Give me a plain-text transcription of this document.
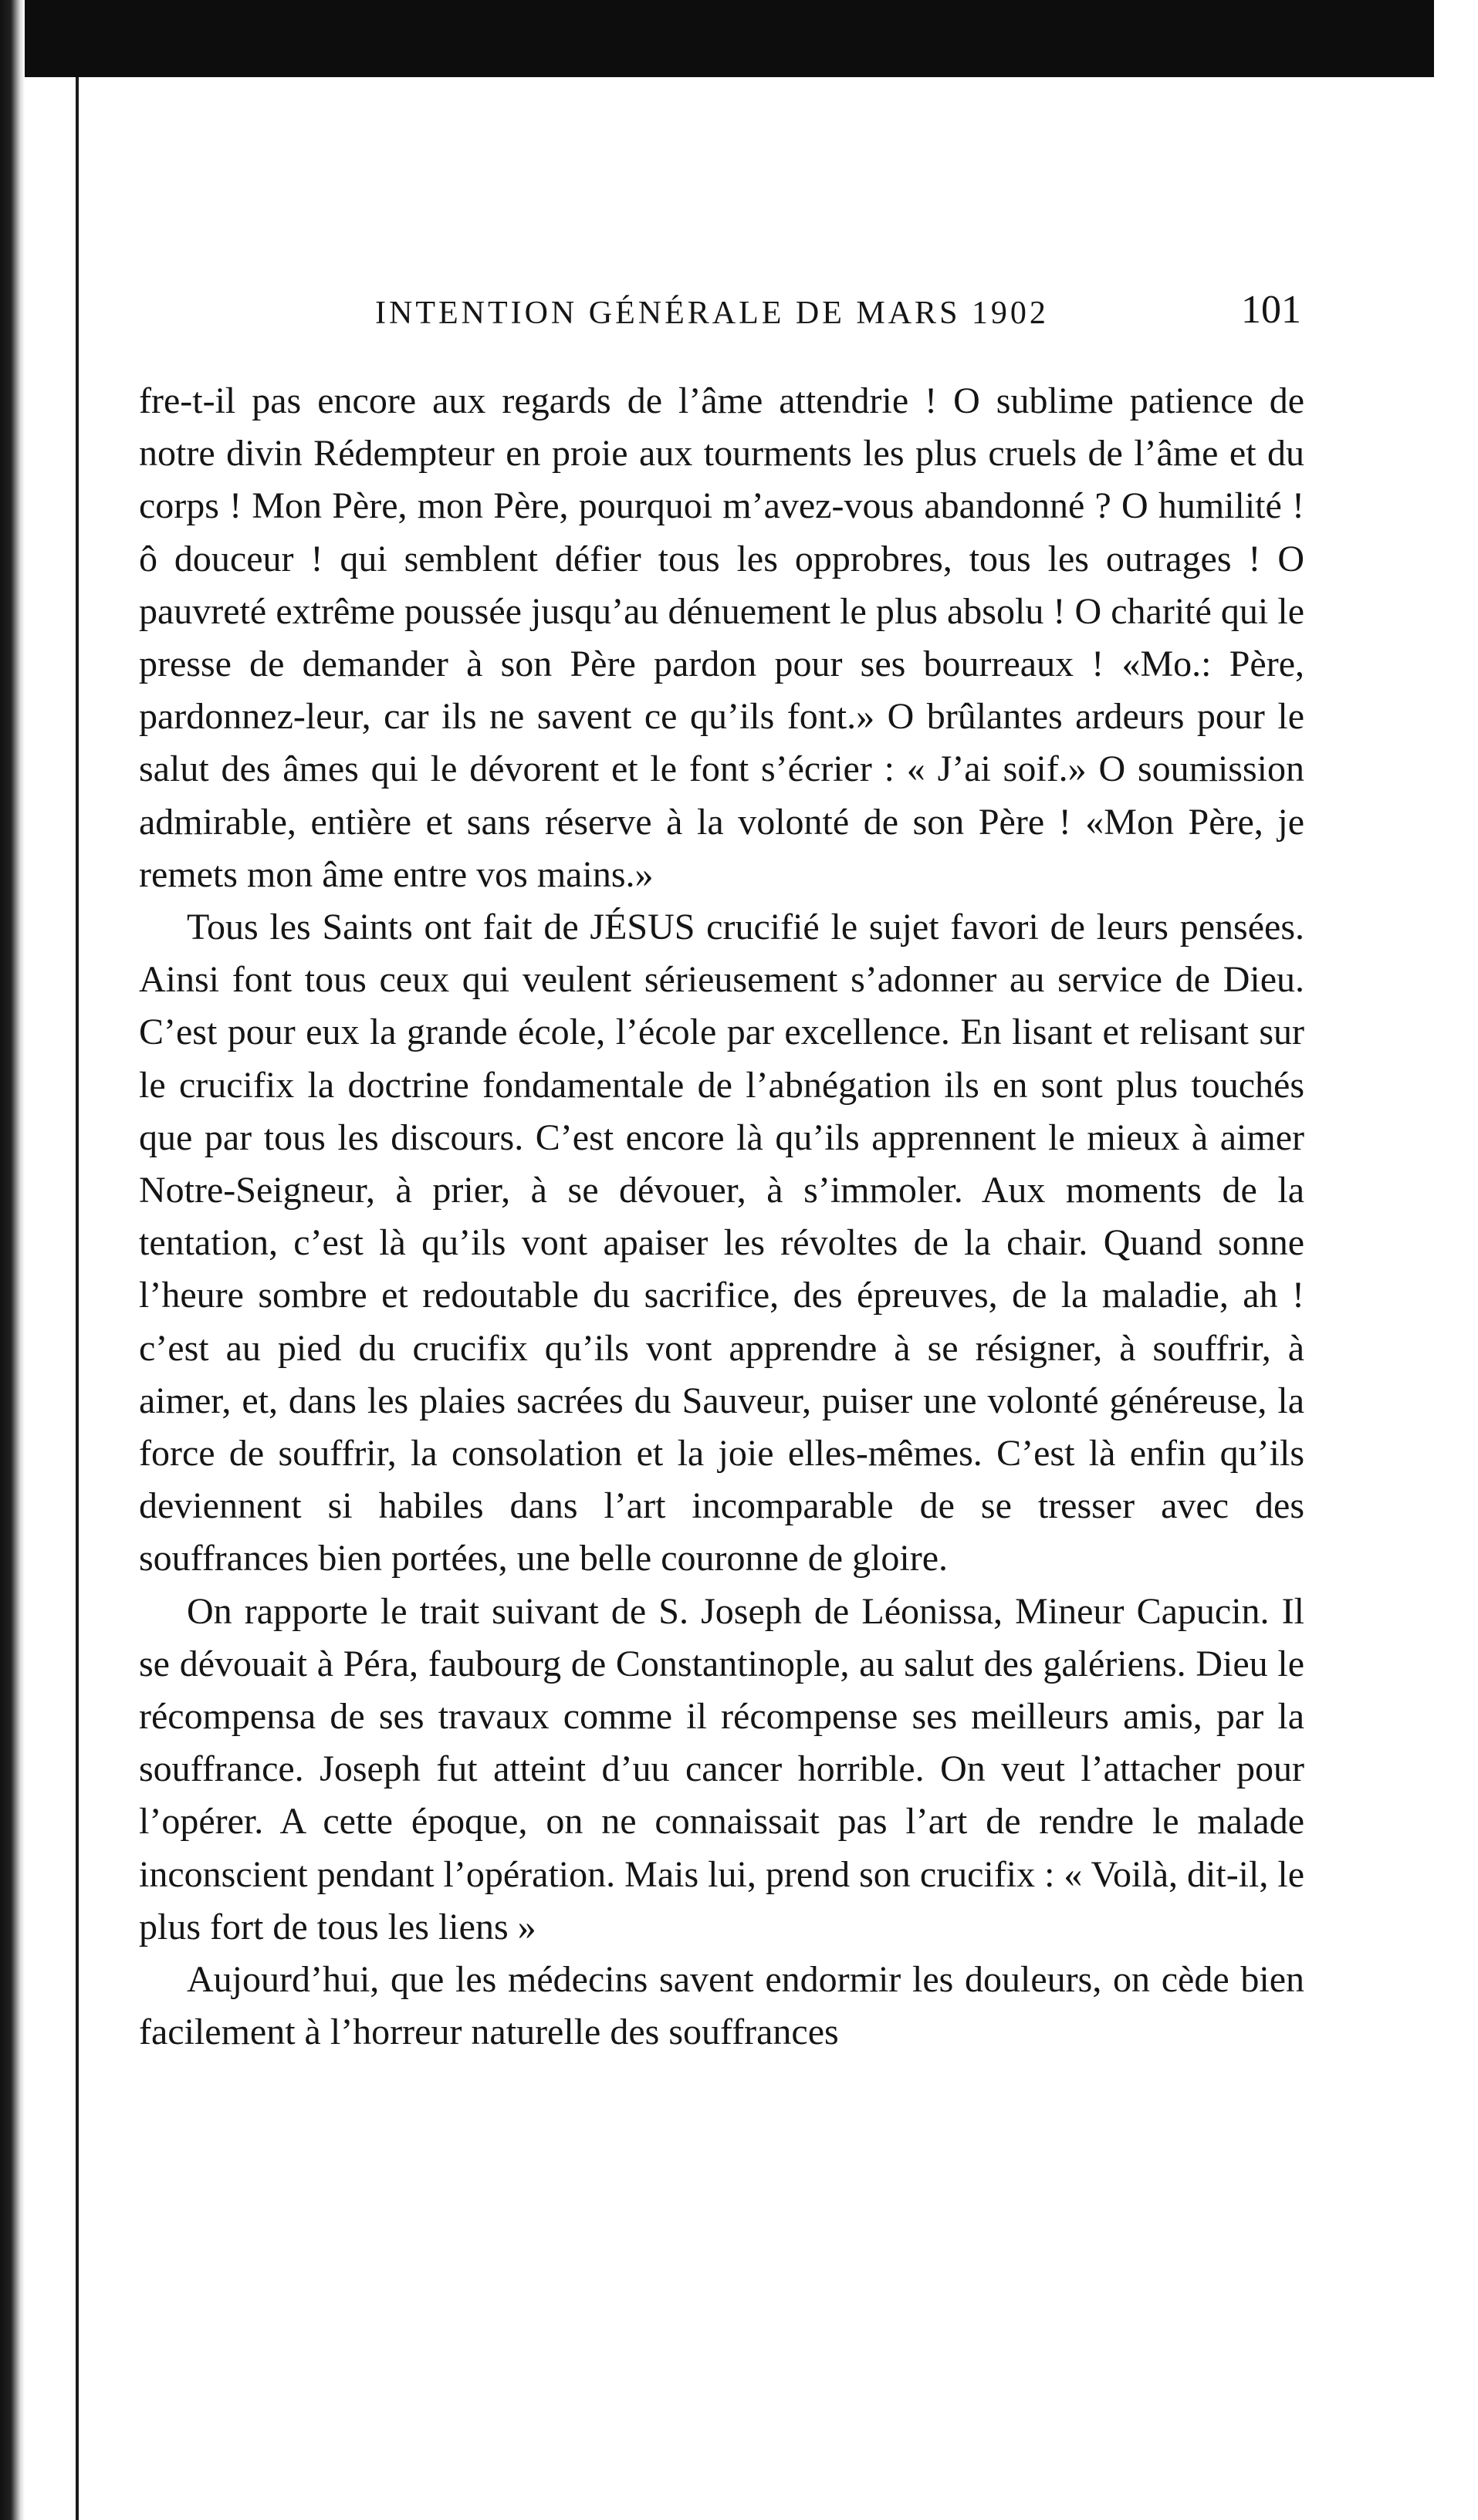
INTENTION GÉNÉRALE DE MARS 1902	101

fre-t-il pas encore aux regards de l’âme attendrie ! O sublime patience de notre divin Rédempteur en proie aux tourments les plus cruels de l’âme et du corps ! Mon Père, mon Père, pourquoi m’avez-vous abandonné ? O humilité ! ô douceur ! qui semblent défier tous les opprobres, tous les outrages ! O pauvreté extrême poussée jusqu’au dénuement le plus absolu ! O charité qui le presse de demander à son Père pardon pour ses bourreaux ! «Mo.: Père, pardonnez-leur, car ils ne savent ce qu’ils font.» O brûlantes ardeurs pour le salut des âmes qui le dévorent et le font s’écrier : « J’ai soif.» O soumission admirable, entière et sans réserve à la volonté de son Père ! «Mon Père, je remets mon âme entre vos mains.»

Tous les Saints ont fait de JÉSUS crucifié le sujet favori de leurs pensées. Ainsi font tous ceux qui veulent sérieusement s’adonner au service de Dieu. C’est pour eux la grande école, l’école par excellence. En lisant et relisant sur le crucifix la doctrine fondamentale de l’abnégation ils en sont plus touchés que par tous les discours. C’est encore là qu’ils apprennent le mieux à aimer Notre-Seigneur, à prier, à se dévouer, à s’immoler. Aux moments de la tentation, c’est là qu’ils vont apaiser les révoltes de la chair. Quand sonne l’heure sombre et redoutable du sacrifice, des épreuves, de la maladie, ah ! c’est au pied du crucifix qu’ils vont apprendre à se résigner, à souffrir, à aimer, et, dans les plaies sacrées du Sauveur, puiser une volonté généreuse, la force de souffrir, la consolation et la joie elles-mêmes. C’est là enfin qu’ils deviennent si habiles dans l’art incomparable de se tresser avec des souffrances bien portées, une belle couronne de gloire.

On rapporte le trait suivant de S. Joseph de Léonissa, Mineur Capucin. Il se dévouait à Péra, faubourg de Constantinople, au salut des galériens. Dieu le récompensa de ses travaux comme il récompense ses meilleurs amis, par la souffrance. Joseph fut atteint d’uu cancer horrible. On veut l’attacher pour l’opérer. A cette époque, on ne connaissait pas l’art de rendre le malade inconscient pendant l’opération. Mais lui, prend son crucifix : « Voilà, dit-il, le plus fort de tous les liens »

Aujourd’hui, que les médecins savent endormir les douleurs, on cède bien facilement à l’horreur naturelle des souffrances
